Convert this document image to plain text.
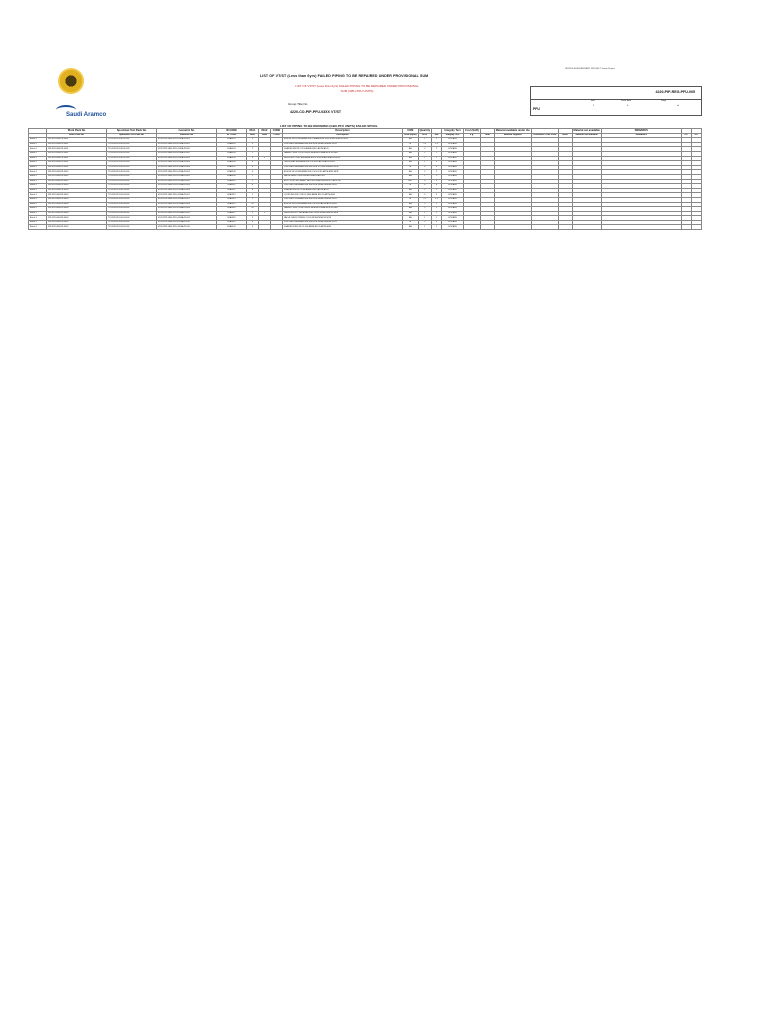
Saudi Aramco
LIST OF VT/ST (Less than 6yrs) FAILED PIPING TO BE REPAIRED UNDER PROVISIONAL SUM
LIST OF VT/ST (Less than 6yrs) FAILED PIPING TO BE REPAIRED UNDER PROVISIONAL SUM (GBU-PFU UNITS)
Group Title No
4220-CO-PIP-PFU-03XX VT/ST
PETROLEUM REFINERY PROJECT Jazan Project
4220-PIP-REG-PFU-005
Rev	Issue date	Page
1	0	of
PFU
LIST OF PIPING TO BE REPAIRED (GBU-PFU UNITS) FAILED SPOOL
	Work Pack No	Spoolman Test Pack No	Isometric No	ID CODE	DIA1	DIA2	CODE	Description	UOM	Quantity		Integrity Test	Cost (SAR)		Material available under the			Material not available	REMARKS		
	Work Pack No	Spoolman Test Pack No	Isometric No	ID CODE	DIA1	DIA2	CODE	Description	UOM (input)	as-is	w/o	Integrity Test	e.g.	Total	Material supplied	Contractor's free issue	other	Material not available	REMARKS	e.s.	rel.
Batch-1	WP-4220-SH-PR-0001	TP-4220-PFU-0101-001	4220-PRP-GBU-PFU-4110A-PI-001	B1A0101	3			ELBOW 90 LR BW ASME B16.9 SEAMLESS SCH 40 ASTM A234 WPB	EA	1	1	HT-PASS									
Batch-1	WP-4220-SH-PR-0001	TP-4220-PFU-0101-001	4220-PRP-GBU-PFU-4110A-PI-001	B1A0102	3			PIPE SMLS BE ASME B36.10M SCH 40 ASTM A106 GR B	M	2.5	2.5	HT-PASS									
Batch-1	WP-4220-SH-PR-0001	TP-4220-PFU-0101-002	4220-PRP-GBU-PFU-4110A-PI-002	B1A0103	2			FLANGE WN RF CL150 ASME B16.5 ASTM A105	EA	2	2	HT-PASS									
Batch-1	WP-4220-SH-PR-0001	TP-4220-PFU-0101-002	4220-PRP-GBU-PFU-4110A-PI-002	B1A0104	2			GASKET SPW CL150 SS316 WINDING GRAPHITE FILLER	EA	1	1	HT-PASS									
Batch-1	WP-4220-SH-PR-0001	TP-4220-PFU-0101-003	4220-PRP-GBU-PFU-4110A-PI-003	B1A0105	4	3		REDUCER CONC BW ASME B16.9 SCH 40 ASTM A234 WPB	EA	1	1	HT-PASS									
Batch-1	WP-4220-SH-PR-0001	TP-4220-PFU-0101-003	4220-PRP-GBU-PFU-4110A-PI-003	B1A0106	4			TEE EQUAL BW ASME B16.9 SCH 40 ASTM A234 WPB	EA	1	1	HT-PASS									
Batch-1	WP-4220-SH-PR-0002	TP-4220-PFU-0102-001	4220-PRP-GBU-PFU-4120A-PI-004	B1A0107	6			PIPE SMLS BE ASME B36.10M SCH STD ASTM A106 GR B	M	4	4	HT-PASS									
Batch-1	WP-4220-SH-PR-0002	TP-4220-PFU-0102-001	4220-PRP-GBU-PFU-4120A-PI-004	B1A0108	6			ELBOW 45 LR BW ASME B16.9 SCH STD ASTM A234 WPB	EA	2	2	HT-PASS									
Batch-1	WP-4220-SH-PR-0002	TP-4220-PFU-0102-002	4220-PRP-GBU-PFU-4120A-PI-005	B1A0109	2			VALVE GATE CL800 SW ASTM A105 API 602	EA	1	1	HT-PASS									
Batch-1	WP-4220-SH-PR-0002	TP-4220-PFU-0102-002	4220-PRP-GBU-PFU-4120A-PI-005	B1A0110	2			BOLT STUD W/2 HEAVY HEX NUTS ASTM A193 B7 / A194 2H	SET	4	4	HT-PASS									
Batch-1	WP-4220-SH-PR-0003	TP-4220-PFU-0103-001	4220-PRP-GBU-PFU-4130A-PI-006	B1A0111	8			PIPE SMLS BE ASME B36.10M SCH 40 ASTM A106 GR B	M	6	6	HT-PASS									
Batch-1	WP-4220-SH-PR-0003	TP-4220-PFU-0103-001	4220-PRP-GBU-PFU-4130A-PI-006	B1A0112	8			FLANGE WN RF CL300 ASME B16.5 ASTM A105	EA	2	2	HT-PASS									
Batch-1	WP-4220-SH-PR-0003	TP-4220-PFU-0103-002	4220-PRP-GBU-PFU-4130A-PI-007	B1A0113	1			COUPLING FULL SW CL3000 ASME B16.11 ASTM A105	EA	3	3	HT-PASS									
Batch-1	WP-4220-SH-PR-0003	TP-4220-PFU-0103-002	4220-PRP-GBU-PFU-4130A-PI-007	B1A0114	1			PIPE SMLS PE ASME B36.10M SCH 80 ASTM A106 GR B	M	1.5	1.5	HT-PASS									
Batch-1	WP-4220-SH-PR-0004	TP-4220-PFU-0104-001	4220-PRP-GBU-PFU-4140A-PI-008	B1A0115	10			ELBOW 90 LR BW ASME B16.9 SCH 40 ASTM A234 WPB	EA	2	2	HT-PASS									
Batch-1	WP-4220-SH-PR-0004	TP-4220-PFU-0104-001	4220-PRP-GBU-PFU-4140A-PI-008	B1A0116	10			GASKET SPW CL300 SS316 WINDING GRAPHITE FILLER	EA	2	2	HT-PASS									
Batch-1	WP-4220-SH-PR-0004	TP-4220-PFU-0104-002	4220-PRP-GBU-PFU-4140A-PI-009	B1A0117	3	2		REDUCER ECC BW ASME B16.9 SCH 40 ASTM A234 WPB	EA	1	1	HT-PASS									
Batch-1	WP-4220-SH-PR-0004	TP-4220-PFU-0104-002	4220-PRP-GBU-PFU-4140A-PI-009	B1A0118	3			VALVE CHECK SWING CL150 RF ASTM A216 WCB	EA	1	1	HT-PASS									
Batch-1	WP-4220-SH-PR-0005	TP-4220-PFU-0105-001	4220-PRP-GBU-PFU-4150A-PI-010	B1A0119	4			PIPE SMLS BE ASME B36.10M SCH 40 ASTM A106 GR B	M	3	3	HT-PASS									
Batch-1	WP-4220-SH-PR-0005	TP-4220-PFU-0105-001	4220-PRP-GBU-PFU-4150A-PI-010	B1A0120	4			FLANGE BLIND RF CL150 ASME B16.5 ASTM A105	EA	1	1	HT-PASS									
